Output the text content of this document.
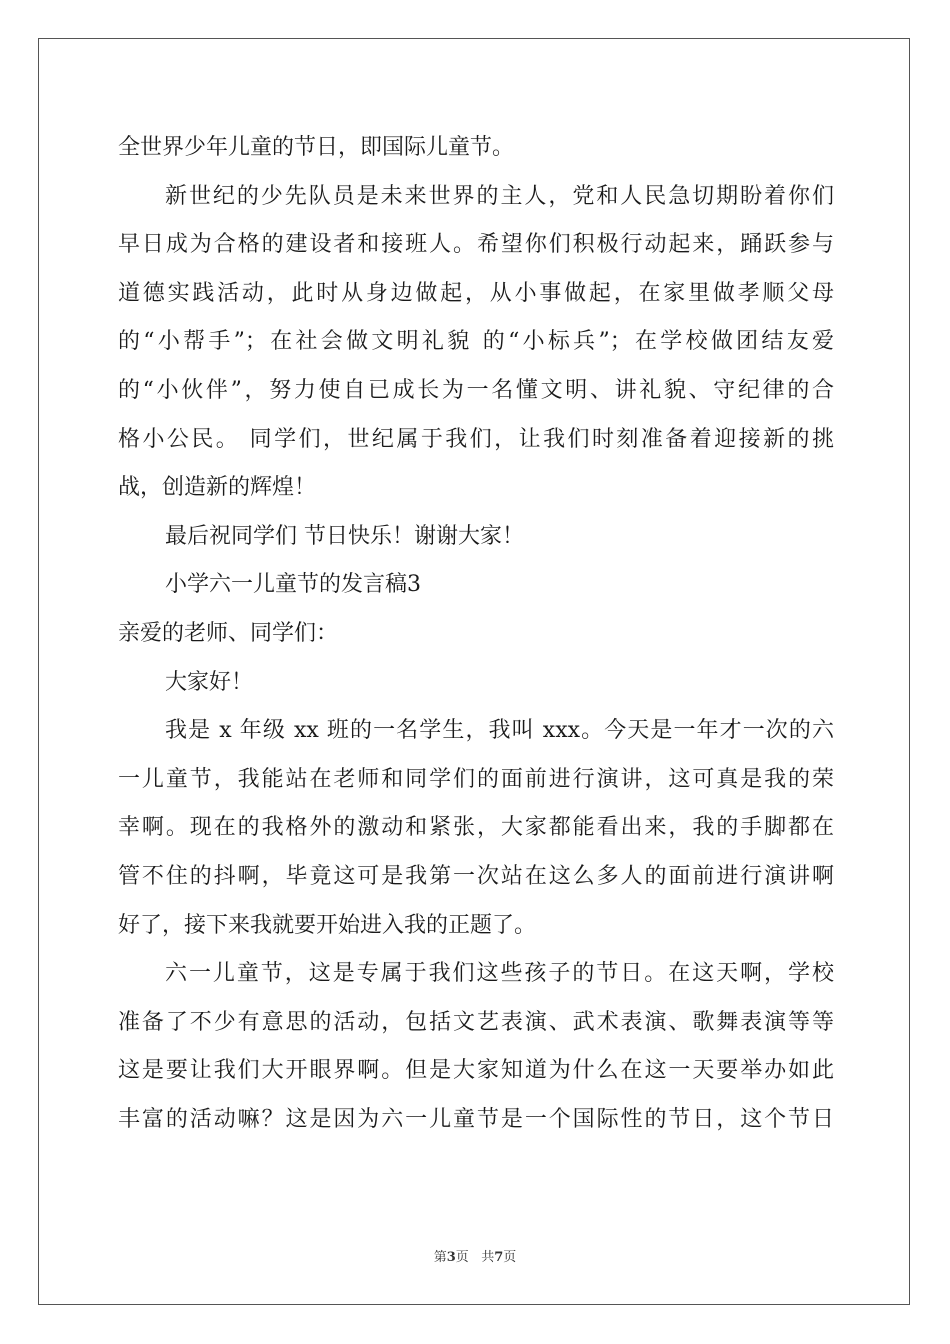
全世界少年儿童的节日，即国际儿童节。
新世纪的少先队员是未来世界的主人，党和人民急切期盼着你们
早日成为合格的建设者和接班人。希望你们积极行动起来，踊跃参与
道德实践活动，此时从身边做起，从小事做起，在家里做孝顺父母
的“小帮手”；在社会做文明礼貌 的“小标兵”；在学校做团结友爱
的“小伙伴”，努力使自已成长为一名懂文明、讲礼貌、守纪律的合
格小公民。 同学们，世纪属于我们，让我们时刻准备着迎接新的挑
战，创造新的辉煌！
最后祝同学们 节日快乐！谢谢大家！
小学六一儿童节的发言稿3
亲爱的老师、同学们：
大家好！
我是 x 年级 xx 班的一名学生，我叫 xxx。今天是一年才一次的六
一儿童节，我能站在老师和同学们的面前进行演讲，这可真是我的荣
幸啊。现在的我格外的激动和紧张，大家都能看出来，我的手脚都在
管不住的抖啊，毕竟这可是我第一次站在这么多人的面前进行演讲啊
好了，接下来我就要开始进入我的正题了。
六一儿童节，这是专属于我们这些孩子的节日。在这天啊，学校
准备了不少有意思的活动，包括文艺表演、武术表演、歌舞表演等等
这是要让我们大开眼界啊。但是大家知道为什么在这一天要举办如此
丰富的活动嘛？这是因为六一儿童节是一个国际性的节日，这个节日
第3页 共7页
